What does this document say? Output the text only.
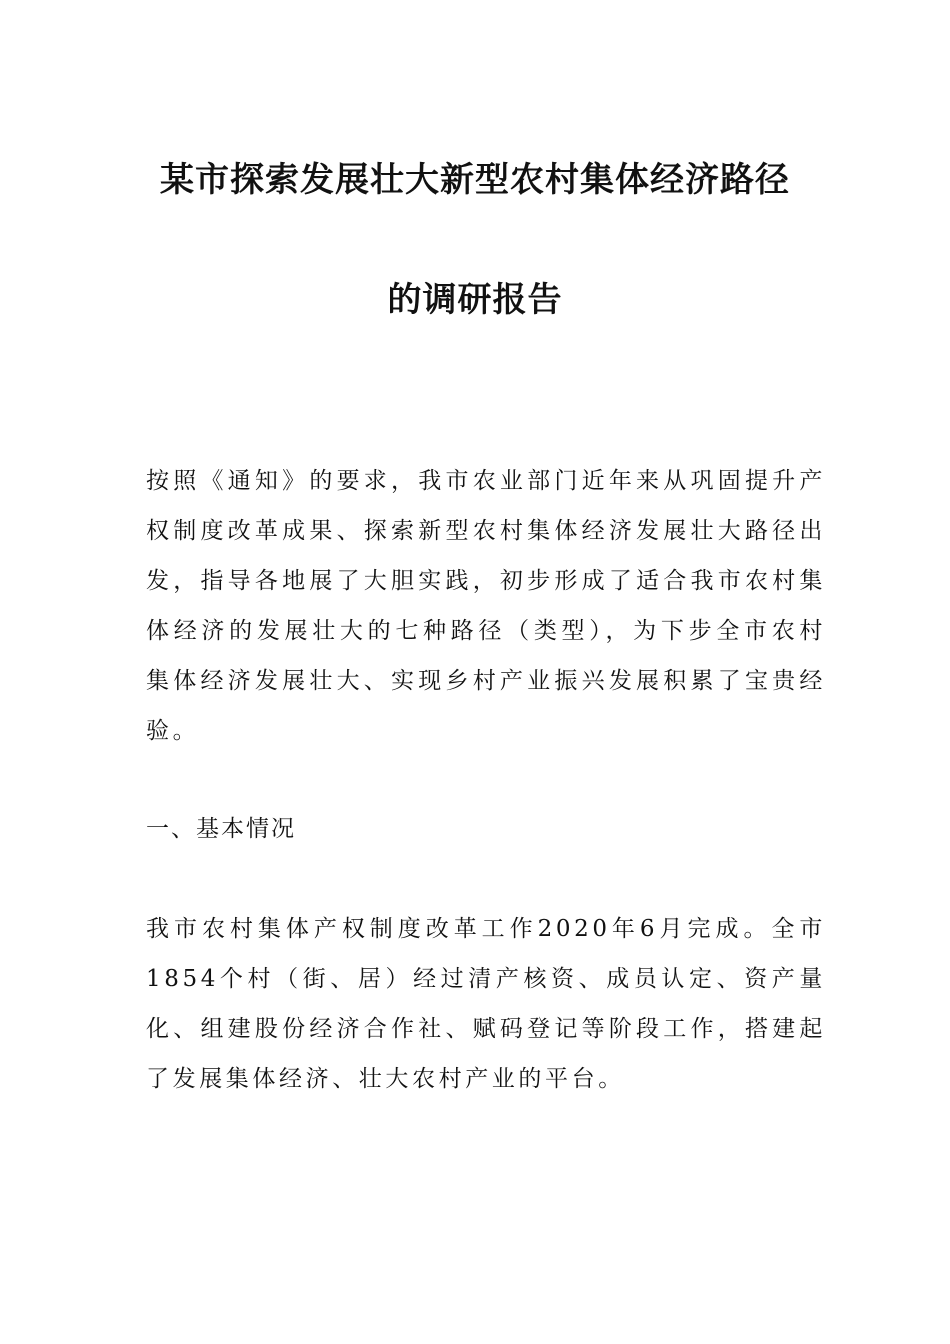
某市探索发展壮大新型农村集体经济路径
的调研报告

按照《通知》的要求，我市农业部门近年来从巩固提升产权制度改革成果、探索新型农村集体经济发展壮大路径出发，指导各地展了大胆实践，初步形成了适合我市农村集体经济的发展壮大的七种路径（类型），为下步全市农村集体经济发展壮大、实现乡村产业振兴发展积累了宝贵经验。

一、基本情况

我市农村集体产权制度改革工作2020年6月完成。全市1854个村（街、居）经过清产核资、成员认定、资产量化、组建股份经济合作社、赋码登记等阶段工作，搭建起了发展集体经济、壮大农村产业的平台。
